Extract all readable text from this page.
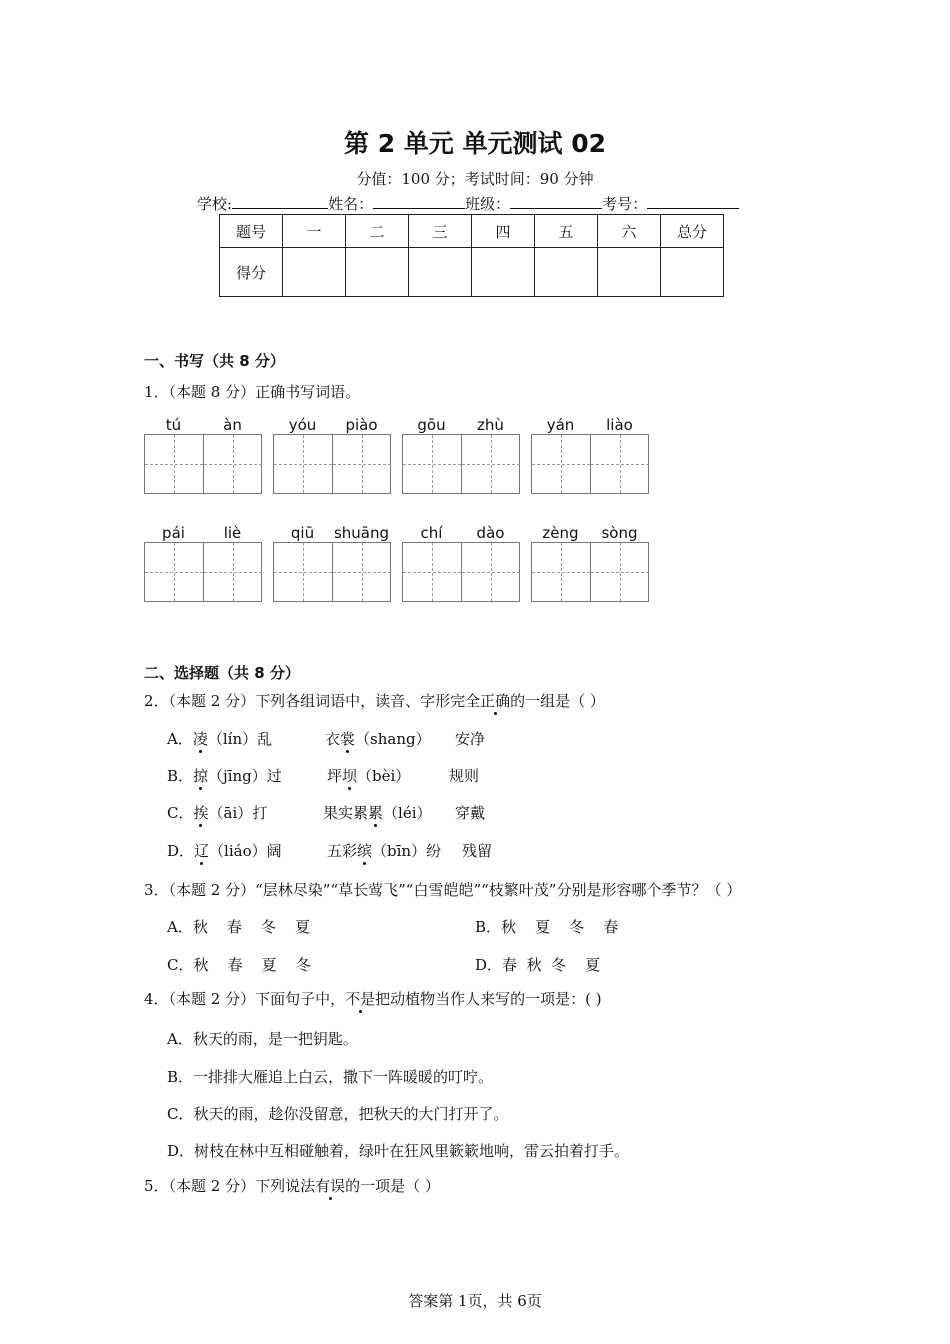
第 2 单元 单元测试 02
分值：100 分；考试时间：90 分钟
学校:	姓名：	班级：	考号：
题号	一	二	三	四	五	六	总分
得分							
一、书写（共 8 分）
1．（本题 8 分）正确书写词语。
tú	àn	yóu	piào	gōu	zhù	yán	liào
pái	liè	qiū	shuāng	chí	dào	zèng	sòng
二、选择题（共 8 分）
2．（本题 2 分）下列各组词语中，读音、字形完全正确的一组是（ ）
A．凌（lín）乱	衣裳（shang） 安净
B．掠（jīng）过	坪坝（bèi）	规则
C．挨（āi）打	果实累累（léi） 穿戴
D．辽（liáo）阔	五彩缤（bīn）纷 残留
3．（本题 2 分）“层林尽染”“草长莺飞”“白雪皑皑”“枝繁叶茂”分别是形容哪个季节？（ ）
A．秋    春    冬    夏	B．秋    夏    冬    春
C．秋    春    夏    冬	D．春  秋  冬    夏
4．（本题 2 分）下面句子中，不是把动植物当作人来写的一项是：( )
A．秋天的雨，是一把钥匙。
B．一排排大雁追上白云，撒下一阵暖暖的叮咛。
C．秋天的雨，趁你没留意，把秋天的大门打开了。
D．树枝在林中互相碰触着，绿叶在狂风里簌簌地响，雷云拍着打手。
5．（本题 2 分）下列说法有误的一项是（ ）
答案第 1页，共 6页
